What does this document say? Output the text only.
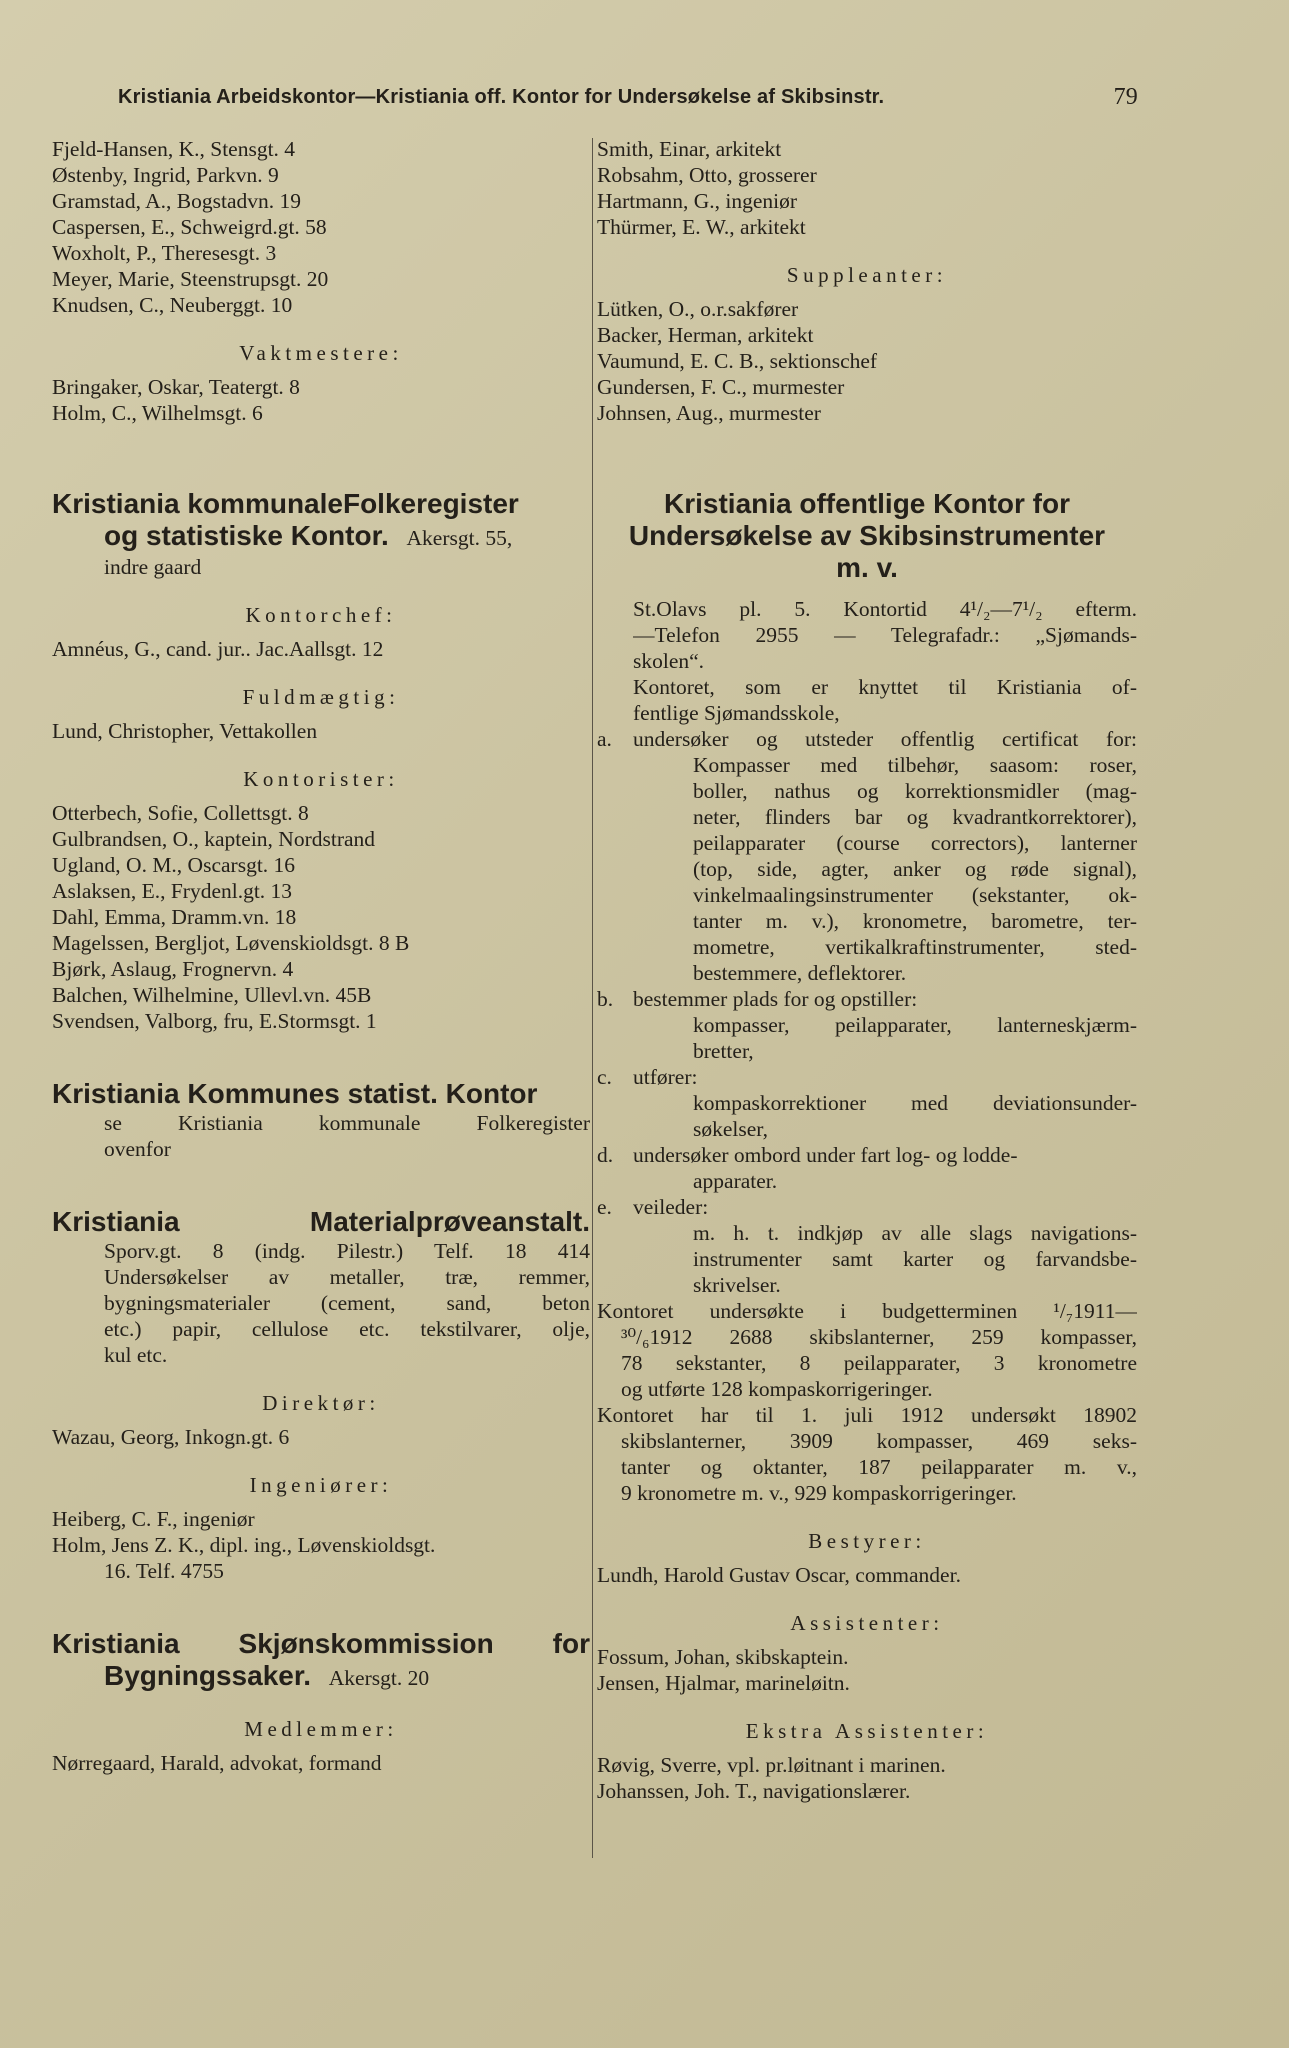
Kristiania Arbeidskontor—Kristiania off. Kontor for Undersøkelse af Skibsinstr.	79
Fjeld-Hansen, K., Stensgt. 4
Østenby, Ingrid, Parkvn. 9
Gramstad, A., Bogstadvn. 19
Caspersen, E., Schweigrd.gt. 58
Woxholt, P., Theresesgt. 3
Meyer, Marie, Steenstrupsgt. 20
Knudsen, C., Neuberggt. 10
Vaktmestere:
Bringaker, Oskar, Teatergt. 8
Holm, C., Wilhelmsgt. 6
Kristiania kommunaleFolkeregister
og statistiske Kontor. Akersgt. 55,
indre gaard
Kontorchef:
Amnéus, G., cand. jur.. Jac.Aallsgt. 12
Fuldmægtig:
Lund, Christopher, Vettakollen
Kontorister:
Otterbech, Sofie, Collettsgt. 8
Gulbrandsen, O., kaptein, Nordstrand
Ugland, O. M., Oscarsgt. 16
Aslaksen, E., Frydenl.gt. 13
Dahl, Emma, Dramm.vn. 18
Magelssen, Bergljot, Løvenskioldsgt. 8 B
Bjørk, Aslaug, Frognervn. 4
Balchen, Wilhelmine, Ullevl.vn. 45B
Svendsen, Valborg, fru, E.Stormsgt. 1
Kristiania Kommunes statist. Kontor
se Kristiania kommunale Folkeregister
ovenfor
Kristiania	Materialprøveanstalt.
Sporv.gt. 8 (indg. Pilestr.) Telf. 18 414
Undersøkelser av metaller, træ, remmer,
bygningsmaterialer (cement, sand, beton
etc.) papir, cellulose etc. tekstilvarer, olje,
kul etc.
Direktør:
Wazau, Georg, Inkogn.gt. 6
Ingeniører:
Heiberg, C. F., ingeniør
Holm, Jens Z. K., dipl. ing., Løvenskioldsgt.
16. Telf. 4755
Kristiania Skjønskommission for
Bygningssaker. Akersgt. 20
Medlemmer:
Nørregaard, Harald, advokat, formand
Smith, Einar, arkitekt
Robsahm, Otto, grosserer
Hartmann, G., ingeniør
Thürmer, E. W., arkitekt
Suppleanter:
Lütken, O., o.r.sakfører
Backer, Herman, arkitekt
Vaumund, E. C. B., sektionschef
Gundersen, F. C., murmester
Johnsen, Aug., murmester
Kristiania offentlige Kontor for
Undersøkelse av Skibsinstrumenter
m. v.
St.Olavs pl. 5. Kontortid 4¹/₂—7¹/₂ efterm.
—Telefon 2955 — Telegrafadr.: „Sjømands-
skolen“.
Kontoret, som er knyttet til Kristiania of-
fentlige Sjømandsskole,
a. undersøker og utsteder offentlig certificat for:
Kompasser med tilbehør, saasom: roser,
boller, nathus og korrektionsmidler (mag-
neter, flinders bar og kvadrantkorrektorer),
peilapparater (course correctors), lanterner
(top, side, agter, anker og røde signal),
vinkelmaalingsinstrumenter (sekstanter, ok-
tanter m. v.), kronometre, barometre, ter-
mometre, vertikalkraftinstrumenter, sted-
bestemmere, deflektorer.
b. bestemmer plads for og opstiller:
kompasser, peilapparater, lanterneskjærm-
bretter,
c. utfører:
kompaskorrektioner med deviationsunder-
søkelser,
d. undersøker ombord under fart log- og lodde-
apparater.
e. veileder:
m. h. t. indkjøp av alle slags navigations-
instrumenter samt karter og farvandsbe-
skrivelser.
Kontoret undersøkte i budgetterminen ¹/₇1911—
³⁰/₆1912 2688 skibslanterner, 259 kompasser,
78 sekstanter, 8 peilapparater, 3 kronometre
og utførte 128 kompaskorrigeringer.
Kontoret har til 1. juli 1912 undersøkt 18902
skibslanterner, 3909 kompasser, 469 seks-
tanter og oktanter, 187 peilapparater m. v.,
9 kronometre m. v., 929 kompaskorrigeringer.
Bestyrer:
Lundh, Harold Gustav Oscar, commander.
Assistenter:
Fossum, Johan, skibskaptein.
Jensen, Hjalmar, marineløitn.
Ekstra Assistenter:
Røvig, Sverre, vpl. pr.løitnant i marinen.
Johanssen, Joh. T., navigationslærer.
